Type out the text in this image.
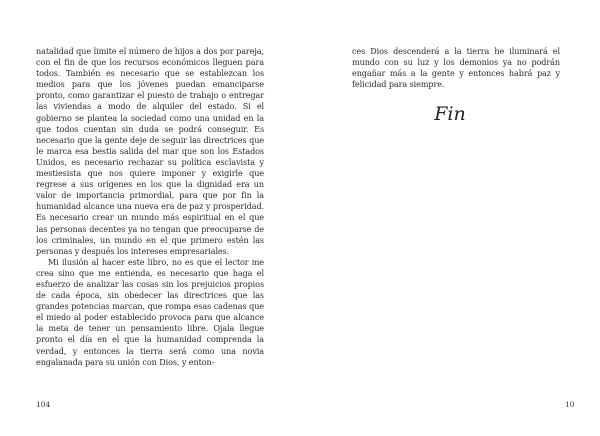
natalidad que limite el número de hijos a dos por pareja, con el fin de que los recursos económicos lleguen para todos. También es necesario que se establezcan los medios para que los jóvenes puedan emanciparse pronto, como garantizar el puesto de trabajo o entregar las viviendas a modo de alquiler del estado. Si el gobierno se plantea la sociedad como una unidad en la que todos cuentan sin duda se podrá conseguir. Es necesario que la gente deje de seguir las directrices que le marca esa bestia salida del mar que son los Estados Unidos, es necesario rechazar su política esclavista y mestiesista que nos quiere imponer y exigirle que regrese a sus orígenes en los que la dignidad era un valor de importancia primordial, para que por fin la humanidad alcance una nueva era de paz y prosperidad. Es necesario crear un mundo más espiritual en el que las personas decentes ya no tengan que preocuparse de los criminales, un mundo en el que primero estén las personas y después los intereses empresariales.

Mi ilusión al hacer este libro, no es que el lector me crea sino que me entienda, es necesario que haga el esfuerzo de analizar las cosas sin los prejuicios propios de cada época, sin obedecer las directrices que las grandes potencias marcan, que rompa esas cadenas que el miedo al poder establecido provoca para que alcance la meta de tener un pensamiento libre. Ojala llegue pronto el día en el que la humanidad comprenda la verdad, y entonces la tierra será como una novia engalanada para su unión con Dios, y enton-

104

ces Dios descenderá a la tierra he iluminará el mundo con su luz y los demonios ya no podrán engañar más a la gente y entonces habrá paz y felicidad para siempre.

Fin
10
